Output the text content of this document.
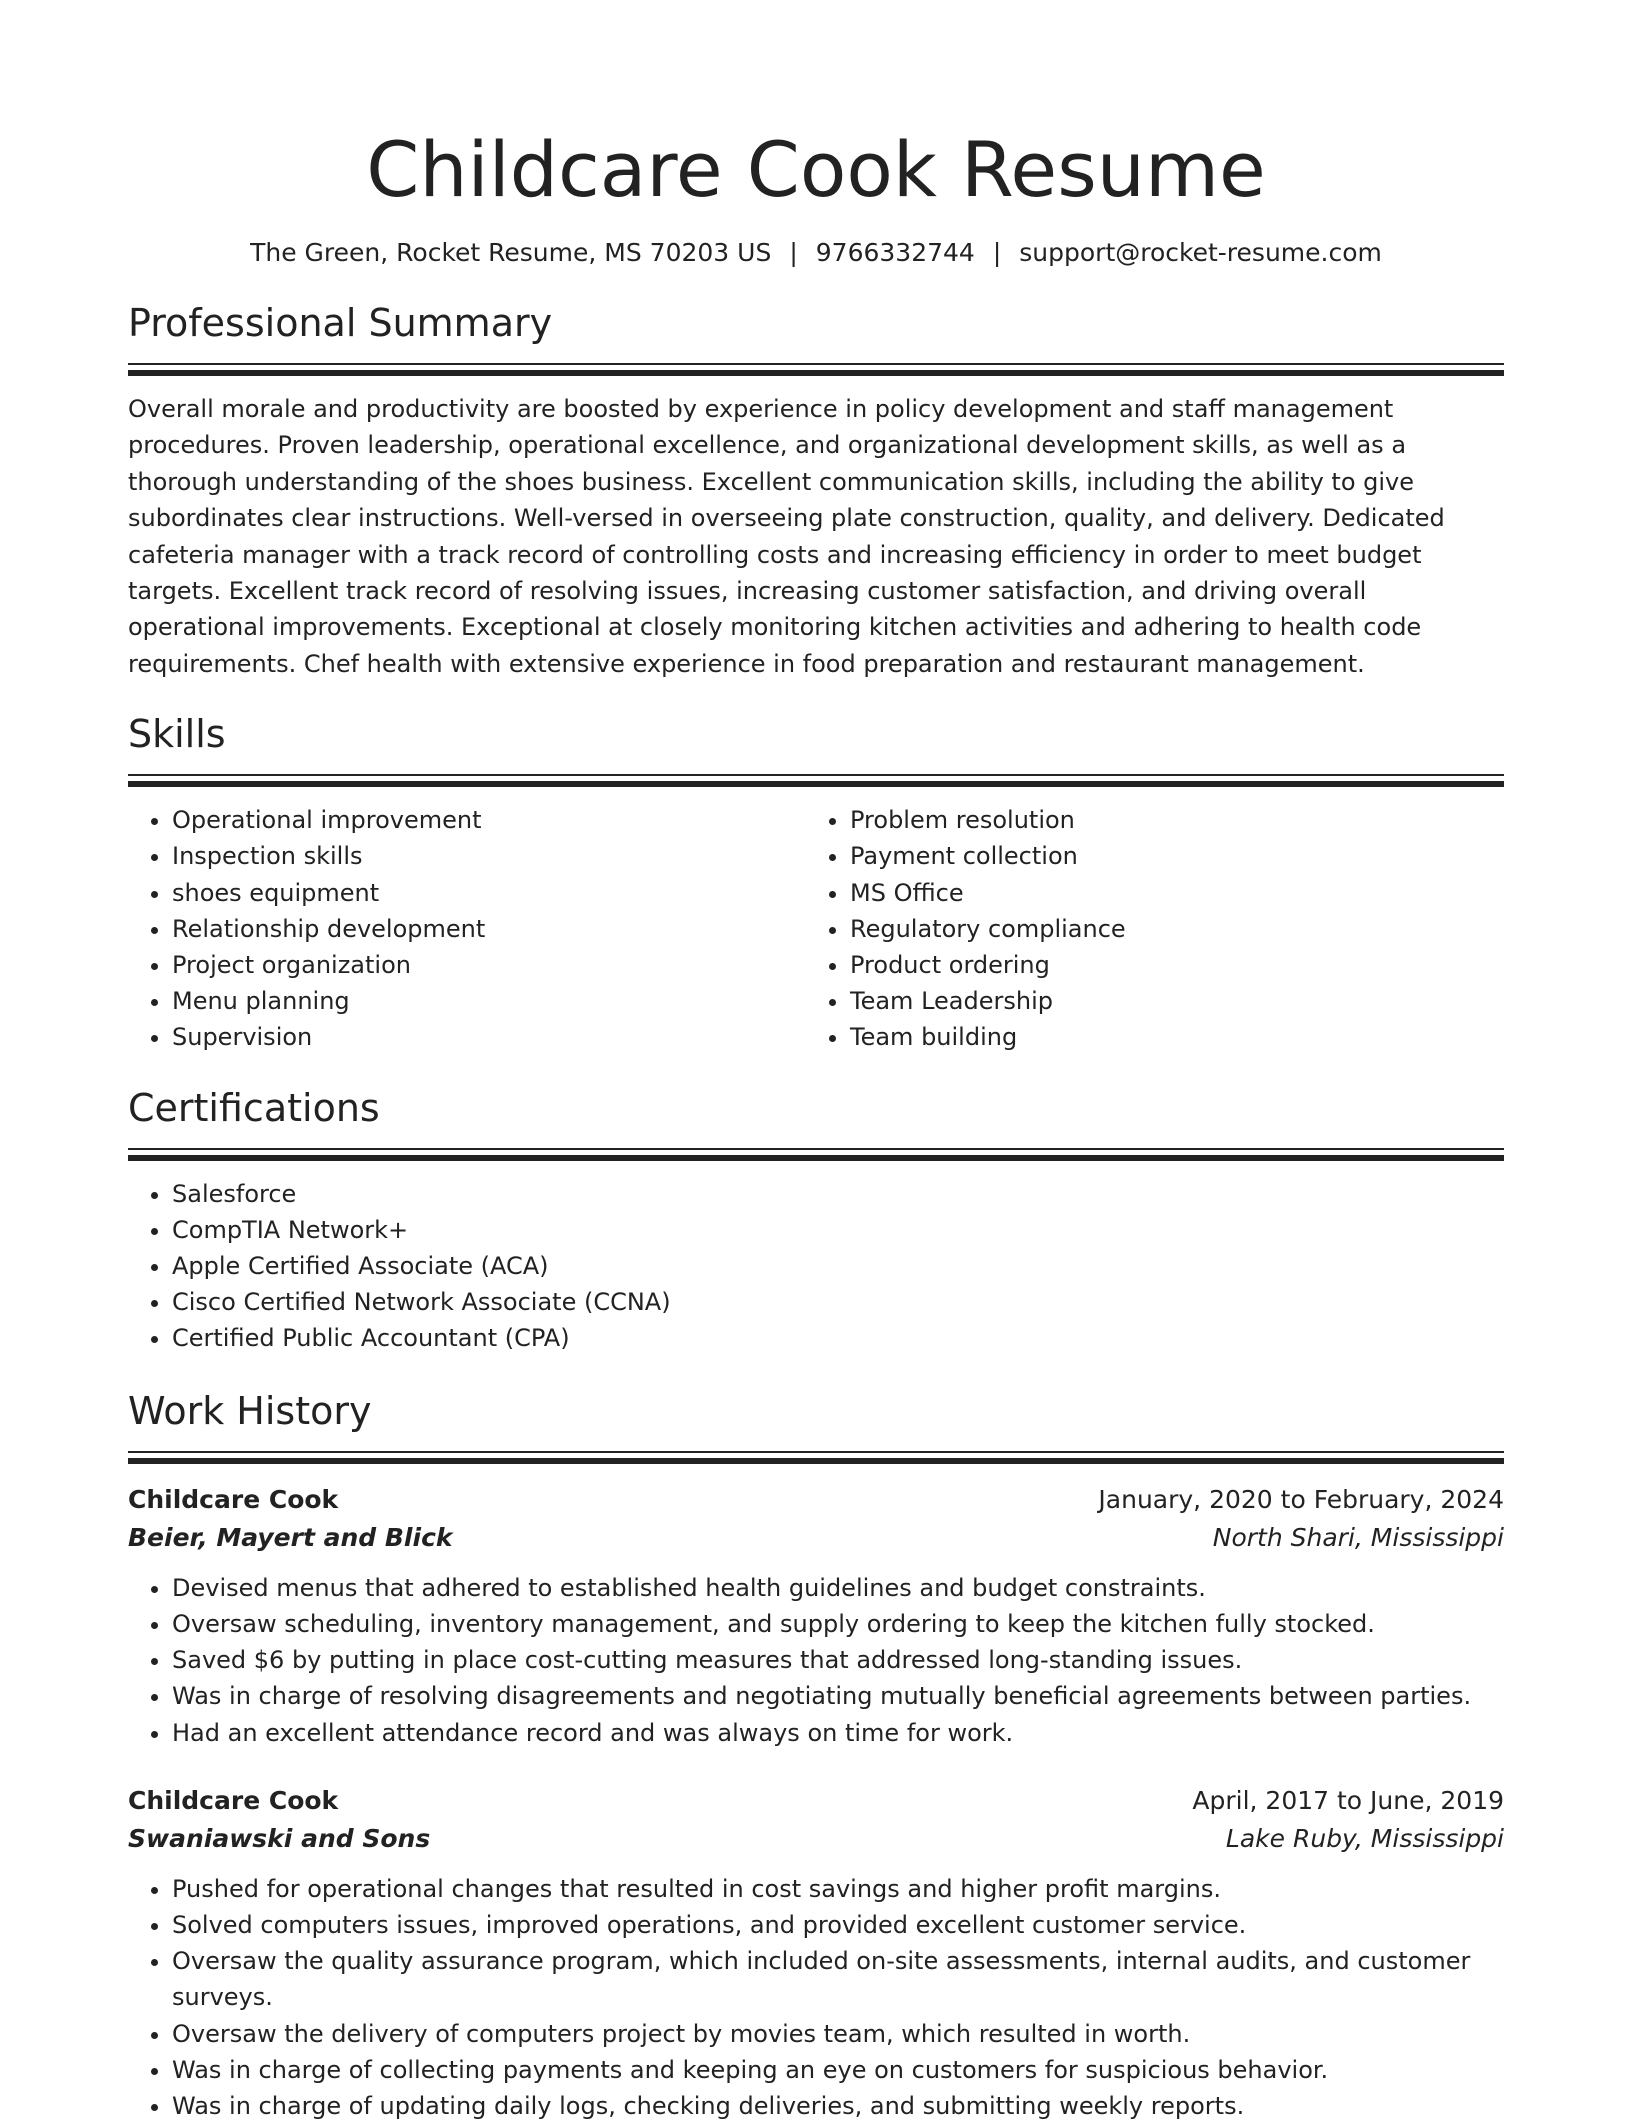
Childcare Cook Resume
The Green, Rocket Resume, MS 70203 US | 9766332744 | support@rocket-resume.com
Professional Summary
Overall morale and productivity are boosted by experience in policy development and staff management procedures. Proven leadership, operational excellence, and organizational development skills, as well as a thorough understanding of the shoes business. Excellent communication skills, including the ability to give subordinates clear instructions. Well-versed in overseeing plate construction, quality, and delivery. Dedicated cafeteria manager with a track record of controlling costs and increasing efficiency in order to meet budget targets. Excellent track record of resolving issues, increasing customer satisfaction, and driving overall operational improvements. Exceptional at closely monitoring kitchen activities and adhering to health code requirements. Chef health with extensive experience in food preparation and restaurant management.
Skills
• Operational improvement
• Inspection skills
• shoes equipment
• Relationship development
• Project organization
• Menu planning
• Supervision
• Problem resolution
• Payment collection
• MS Office
• Regulatory compliance
• Product ordering
• Team Leadership
• Team building
Certifications
• Salesforce
• CompTIA Network+
• Apple Certified Associate (ACA)
• Cisco Certified Network Associate (CCNA)
• Certified Public Accountant (CPA)
Work History
Childcare Cook	January, 2020 to February, 2024
Beier, Mayert and Blick	North Shari, Mississippi
• Devised menus that adhered to established health guidelines and budget constraints.
• Oversaw scheduling, inventory management, and supply ordering to keep the kitchen fully stocked.
• Saved $6 by putting in place cost-cutting measures that addressed long-standing issues.
• Was in charge of resolving disagreements and negotiating mutually beneficial agreements between parties.
• Had an excellent attendance record and was always on time for work.
Childcare Cook	April, 2017 to June, 2019
Swaniawski and Sons	Lake Ruby, Mississippi
• Pushed for operational changes that resulted in cost savings and higher profit margins.
• Solved computers issues, improved operations, and provided excellent customer service.
• Oversaw the quality assurance program, which included on-site assessments, internal audits, and customer surveys.
• Oversaw the delivery of computers project by movies team, which resulted in worth.
• Was in charge of collecting payments and keeping an eye on customers for suspicious behavior.
• Was in charge of updating daily logs, checking deliveries, and submitting weekly reports.
